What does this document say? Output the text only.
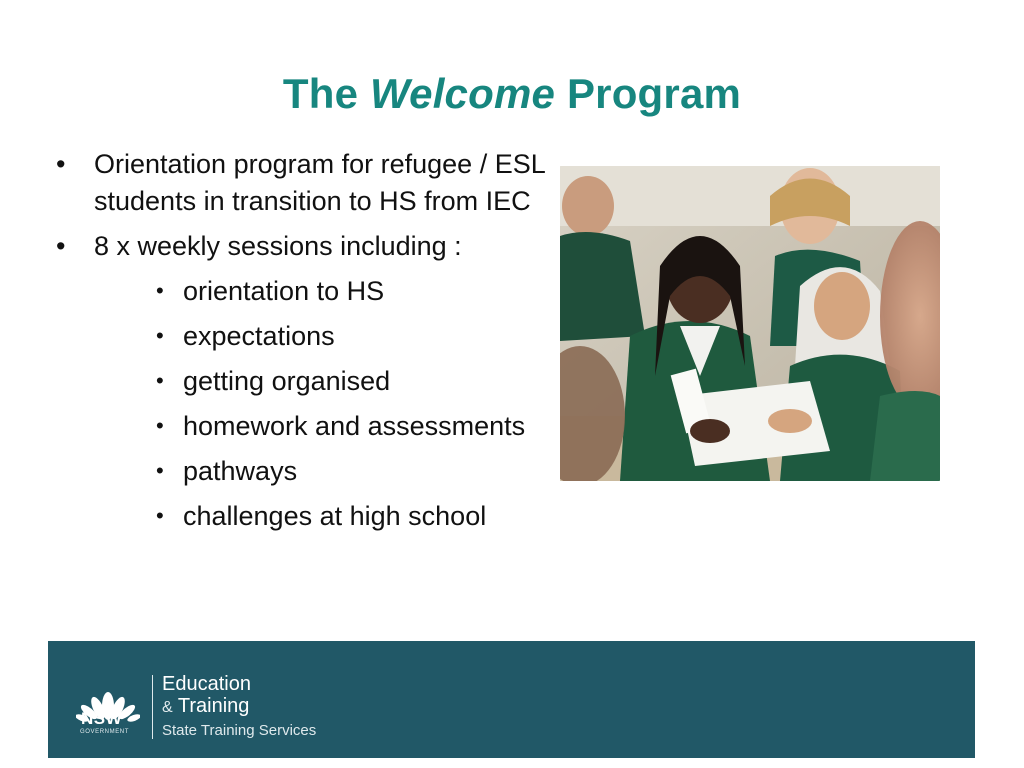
The Welcome Program
• Orientation program for refugee / ESL students in transition to HS from IEC
• 8 x weekly sessions including :
• orientation to HS
• expectations
• getting organised
• homework and assessments
• pathways
• challenges at high school
NSW
GOVERNMENT
Education
& Training
State Training Services
